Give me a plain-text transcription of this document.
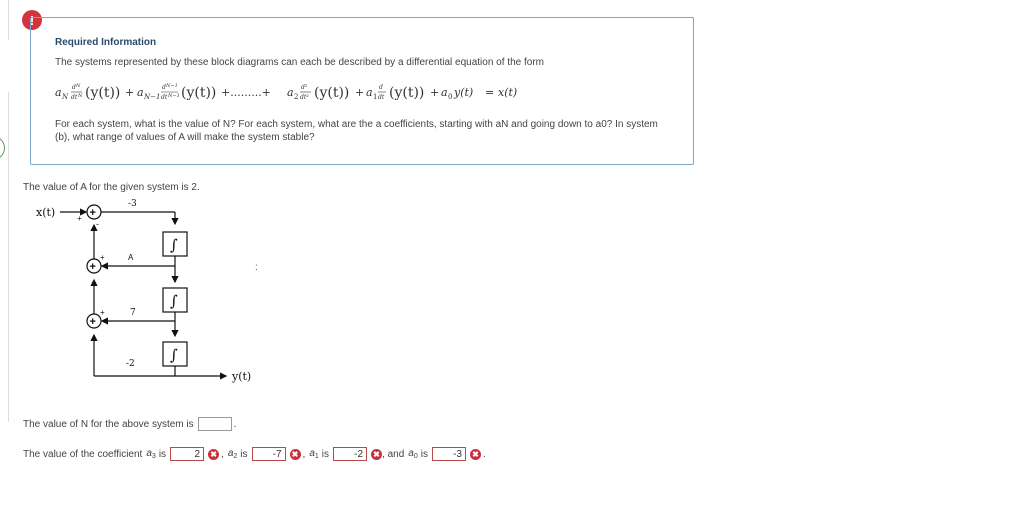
!
Required Information
The systems represented by these block diagrams can each be described by a differential equation of the form
a N
d N
dt N (y(t)) + a N−1
d N−1
dt N−1 (y(t)) +.........+ a 2
d²
dt² (y(t)) + a 1
d
dt (y(t)) + a 0 y(t) = x(t)
For each system, what is the value of N? For each system, what are the a coefficients, starting with aN and going down to a0? In system (b), what range of values of A will make the system stable?
The value of A for the given system is 2.
x(t)	+ +
-
-3
∫
A
+
+
∫
7
+
+
∫
y(t)
-2
:
The value of N for the above system is	.
The value of the coefficient $a_3$ is
2	✖ , $a_2$ is
-7	✖ , $a_1$ is
-2	✖ , and $a_0$ is
-3	✖ .
